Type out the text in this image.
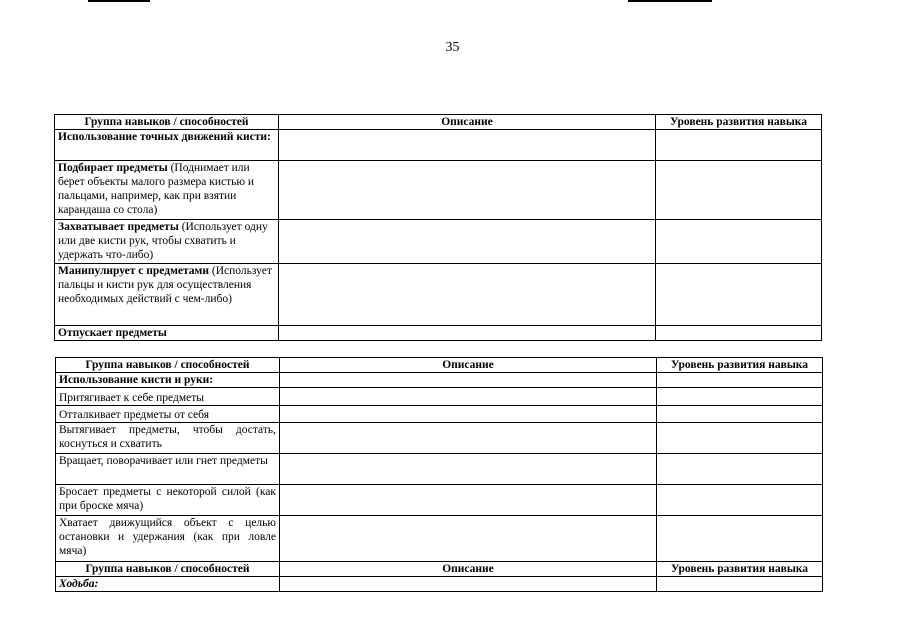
35
Группа навыков / способностей	Описание	Уровень развития навыка
Использование точных движений кисти:		
Подбирает предметы (Поднимает или берет объекты малого размера кистью и пальцами, например, как при взятии карандаша со стола)		
Захватывает предметы (Использует одну или две кисти рук, чтобы схватить и удержать что-либо)		
Манипулирует с предметами (Использует пальцы и кисти рук для осуществления необходимых действий с чем-либо)		
Отпускает предметы		
Группа навыков / способностей	Описание	Уровень развития навыка
Использование кисти и руки:		
Притягивает к себе предметы		
Отталкивает предметы от себя		
Вытягивает предметы, чтобы достать, коснуться и схватить		
Вращает, поворачивает или гнет предметы		
Бросает предметы с некоторой силой (как при броске мяча)		
Хватает движущийся объект с целью остановки и удержания (как при ловле мяча)		
Группа навыков / способностей	Описание	Уровень развития навыка
Ходьба:		
